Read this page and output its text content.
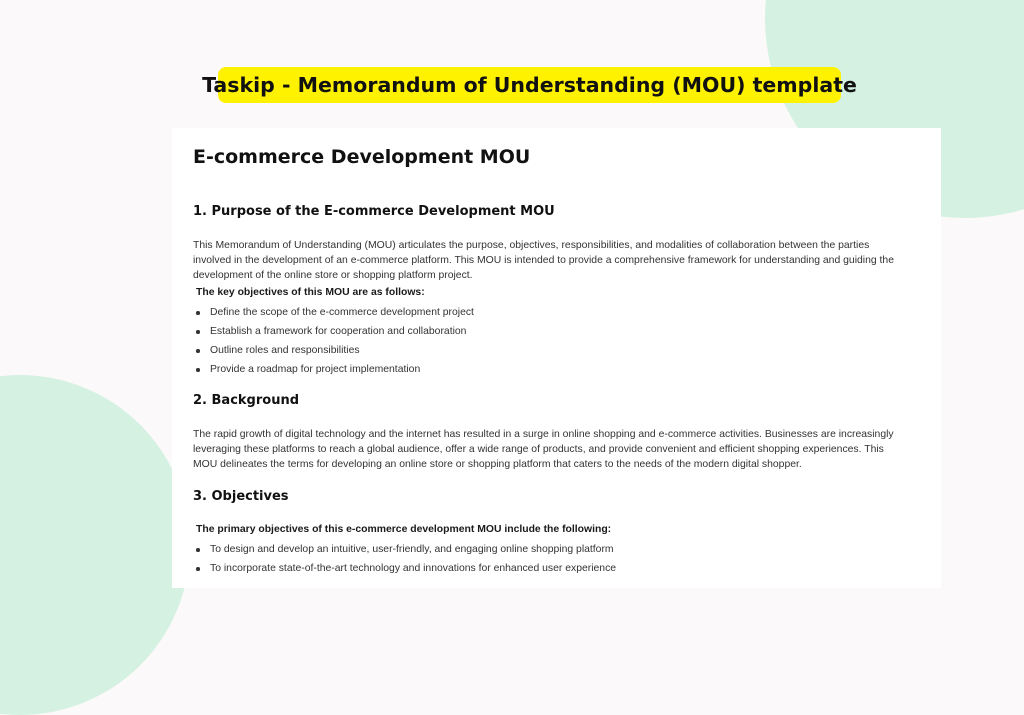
Taskip - Memorandum of Understanding (MOU) template
E-commerce Development MOU
1. Purpose of the E-commerce Development MOU

This Memorandum of Understanding (MOU) articulates the purpose, objectives, responsibilities, and modalities of collaboration between the parties involved in the development of an e-commerce platform. This MOU is intended to provide a comprehensive framework for understanding and guiding the development of the online store or shopping platform project.

The key objectives of this MOU are as follows:

Define the scope of the e-commerce development project
Establish a framework for cooperation and collaboration
Outline roles and responsibilities
Provide a roadmap for project implementation
2. Background

The rapid growth of digital technology and the internet has resulted in a surge in online shopping and e-commerce activities. Businesses are increasingly leveraging these platforms to reach a global audience, offer a wide range of products, and provide convenient and efficient shopping experiences. This MOU delineates the terms for developing an online store or shopping platform that caters to the needs of the modern digital shopper.

3. Objectives

The primary objectives of this e-commerce development MOU include the following:

To design and develop an intuitive, user-friendly, and engaging online shopping platform
To incorporate state-of-the-art technology and innovations for enhanced user experience
